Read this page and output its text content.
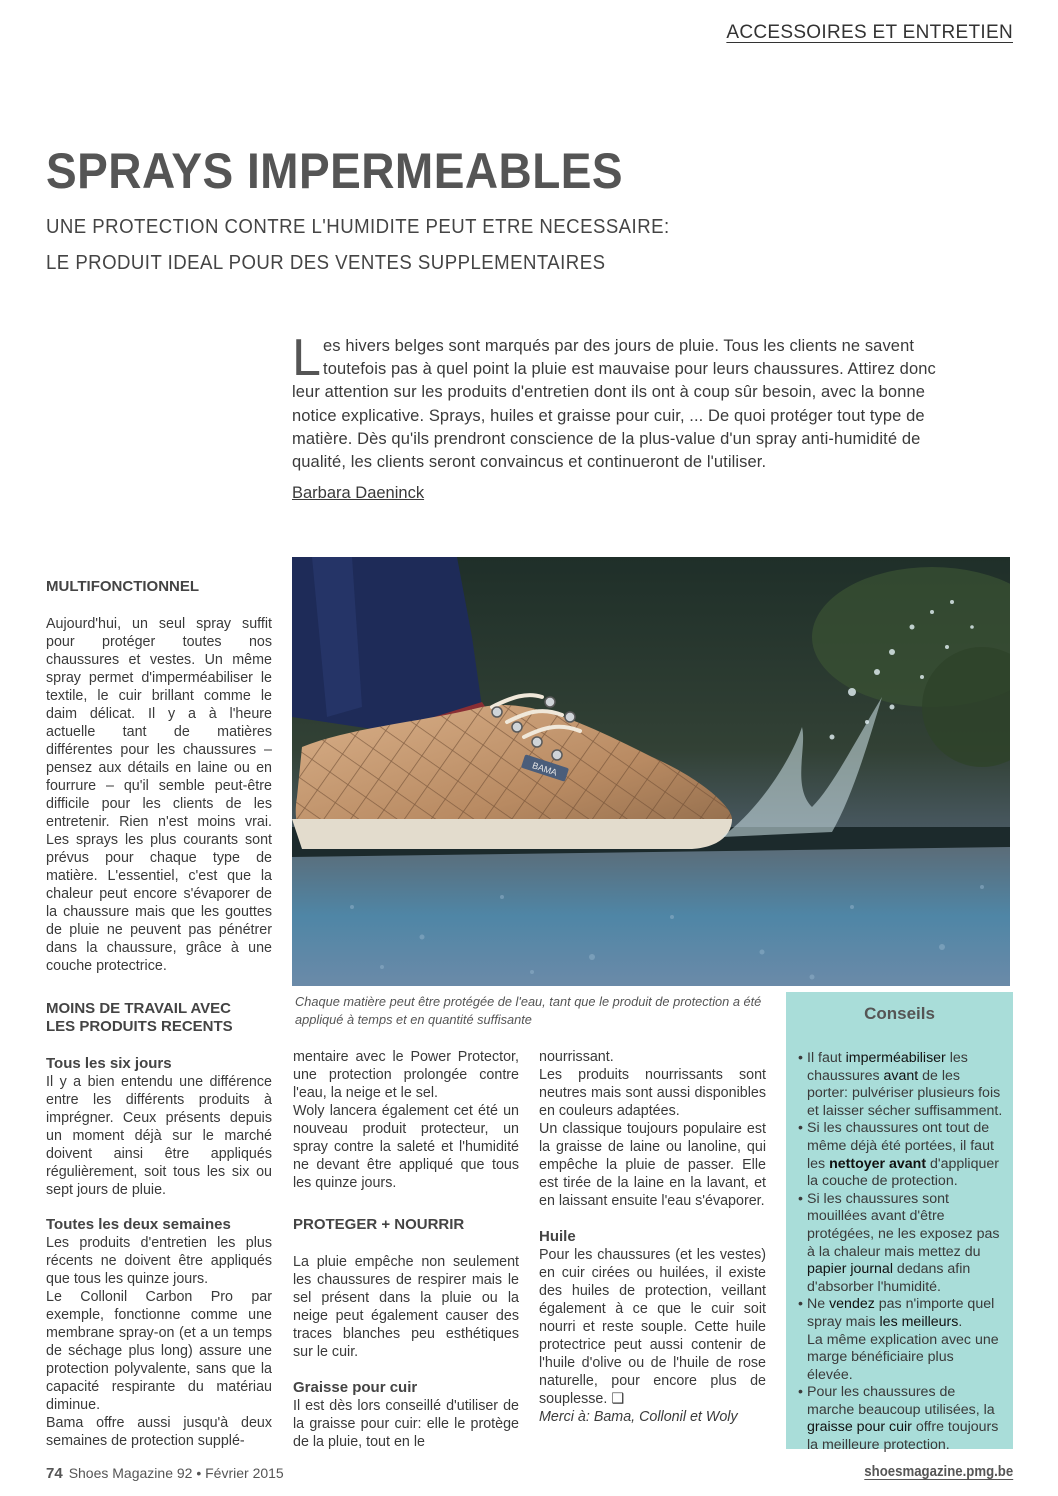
ACCESSOIRES ET ENTRETIEN
SPRAYS IMPERMEABLES
UNE PROTECTION CONTRE L'HUMIDITE PEUT ETRE NECESSAIRE:
LE PRODUIT IDEAL POUR DES VENTES SUPPLEMENTAIRES
Les hivers belges sont marqués par des jours de pluie. Tous les clients ne savent toutefois pas à quel point la pluie est mauvaise pour leurs chaussures. Attirez donc leur attention sur les produits d'entretien dont ils ont à coup sûr besoin, avec la bonne notice explicative. Sprays, huiles et graisse pour cuir, ... De quoi protéger tout type de matière. Dès qu'ils prendront conscience de la plus-value d'un spray anti-humidité de qualité, les clients seront convaincus et continueront de l'utiliser.
Barbara Daeninck
MULTIFONCTIONNEL

Aujourd'hui, un seul spray suffit pour protéger toutes nos chaussures et vestes. Un même spray permet d'imperméabiliser le textile, le cuir brillant comme le daim délicat. Il y a à l'heure actuelle tant de matières différentes pour les chaussures – pensez aux détails en laine ou en fourrure – qu'il semble peut-être difficile pour les clients de les entretenir. Rien n'est moins vrai. Les sprays les plus courants sont prévus pour chaque type de matière. L'essentiel, c'est que la chaleur peut encore s'évaporer de la chaussure mais que les gouttes de pluie ne peuvent pas pénétrer dans la chaussure, grâce à une couche protectrice.

MOINS DE TRAVAIL AVEC
LES PRODUITS RECENTS
Tous les six jours

Il y a bien entendu une différence entre les différents produits à imprégner. Ceux présents depuis un moment déjà sur le marché doivent ainsi être appliqués régulièrement, soit tous les six ou sept jours de pluie.

Toutes les deux semaines

Les produits d'entretien les plus récents ne doivent être appliqués que tous les quinze jours.

Le Collonil Carbon Pro par exemple, fonctionne comme une membrane spray-on (et a un temps de séchage plus long) assure une protection polyvalente, sans que la capacité respirante du matériau diminue.

Bama offre aussi jusqu'à deux semaines de protection supplé-

BAMA
Chaque matière peut être protégée de l'eau, tant que le produit de protection a été appliqué à temps et en quantité suffisante

mentaire avec le Power Protector, une protection prolongée contre l'eau, la neige et le sel.

Woly lancera également cet été un nouveau produit protecteur, un spray contre la saleté et l'humidité ne devant être appliqué que tous les quinze jours.

PROTEGER + NOURRIR

La pluie empêche non seulement les chaussures de respirer mais le sel présent dans la pluie ou la neige peut également causer des traces blanches peu esthétiques sur le cuir.

Graisse pour cuir

Il est dès lors conseillé d'utiliser de la graisse pour cuir: elle le protège de la pluie, tout en le

nourrissant.

Les produits nourrissants sont neutres mais sont aussi disponibles en couleurs adaptées.

Un classique toujours populaire est la graisse de laine ou lanoline, qui empêche la pluie de passer. Elle est tirée de la laine en la lavant, et en laissant ensuite l'eau s'évaporer.

Huile

Pour les chaussures (et les vestes) en cuir cirées ou huilées, il existe des huiles de protection, veillant également à ce que le cuir soit nourri et reste souple. Cette huile protectrice peut aussi contenir de l'huile d'olive ou de l'huile de rose naturelle, pour encore plus de souplesse. ❑

Merci à: Bama, Collonil et Woly

Conseils
• Il faut imperméabiliser les chaussures avant de les porter: pulvériser plusieurs fois et laisser sécher suffisamment.
• Si les chaussures ont tout de même déjà été portées, il faut les nettoyer avant d'appliquer la couche de protection.
• Si les chaussures sont mouillées avant d'être protégées, ne les exposez pas à la chaleur mais mettez du papier journal dedans afin d'absorber l'humidité.
• Ne vendez pas n'importe quel spray mais les meilleurs.
La même explication avec une marge bénéficiaire plus élevée.
• Pour les chaussures de marche beaucoup utilisées, la graisse pour cuir offre toujours la meilleure protection.
74 Shoes Magazine 92 • Février 2015	shoesmagazine.pmg.be
